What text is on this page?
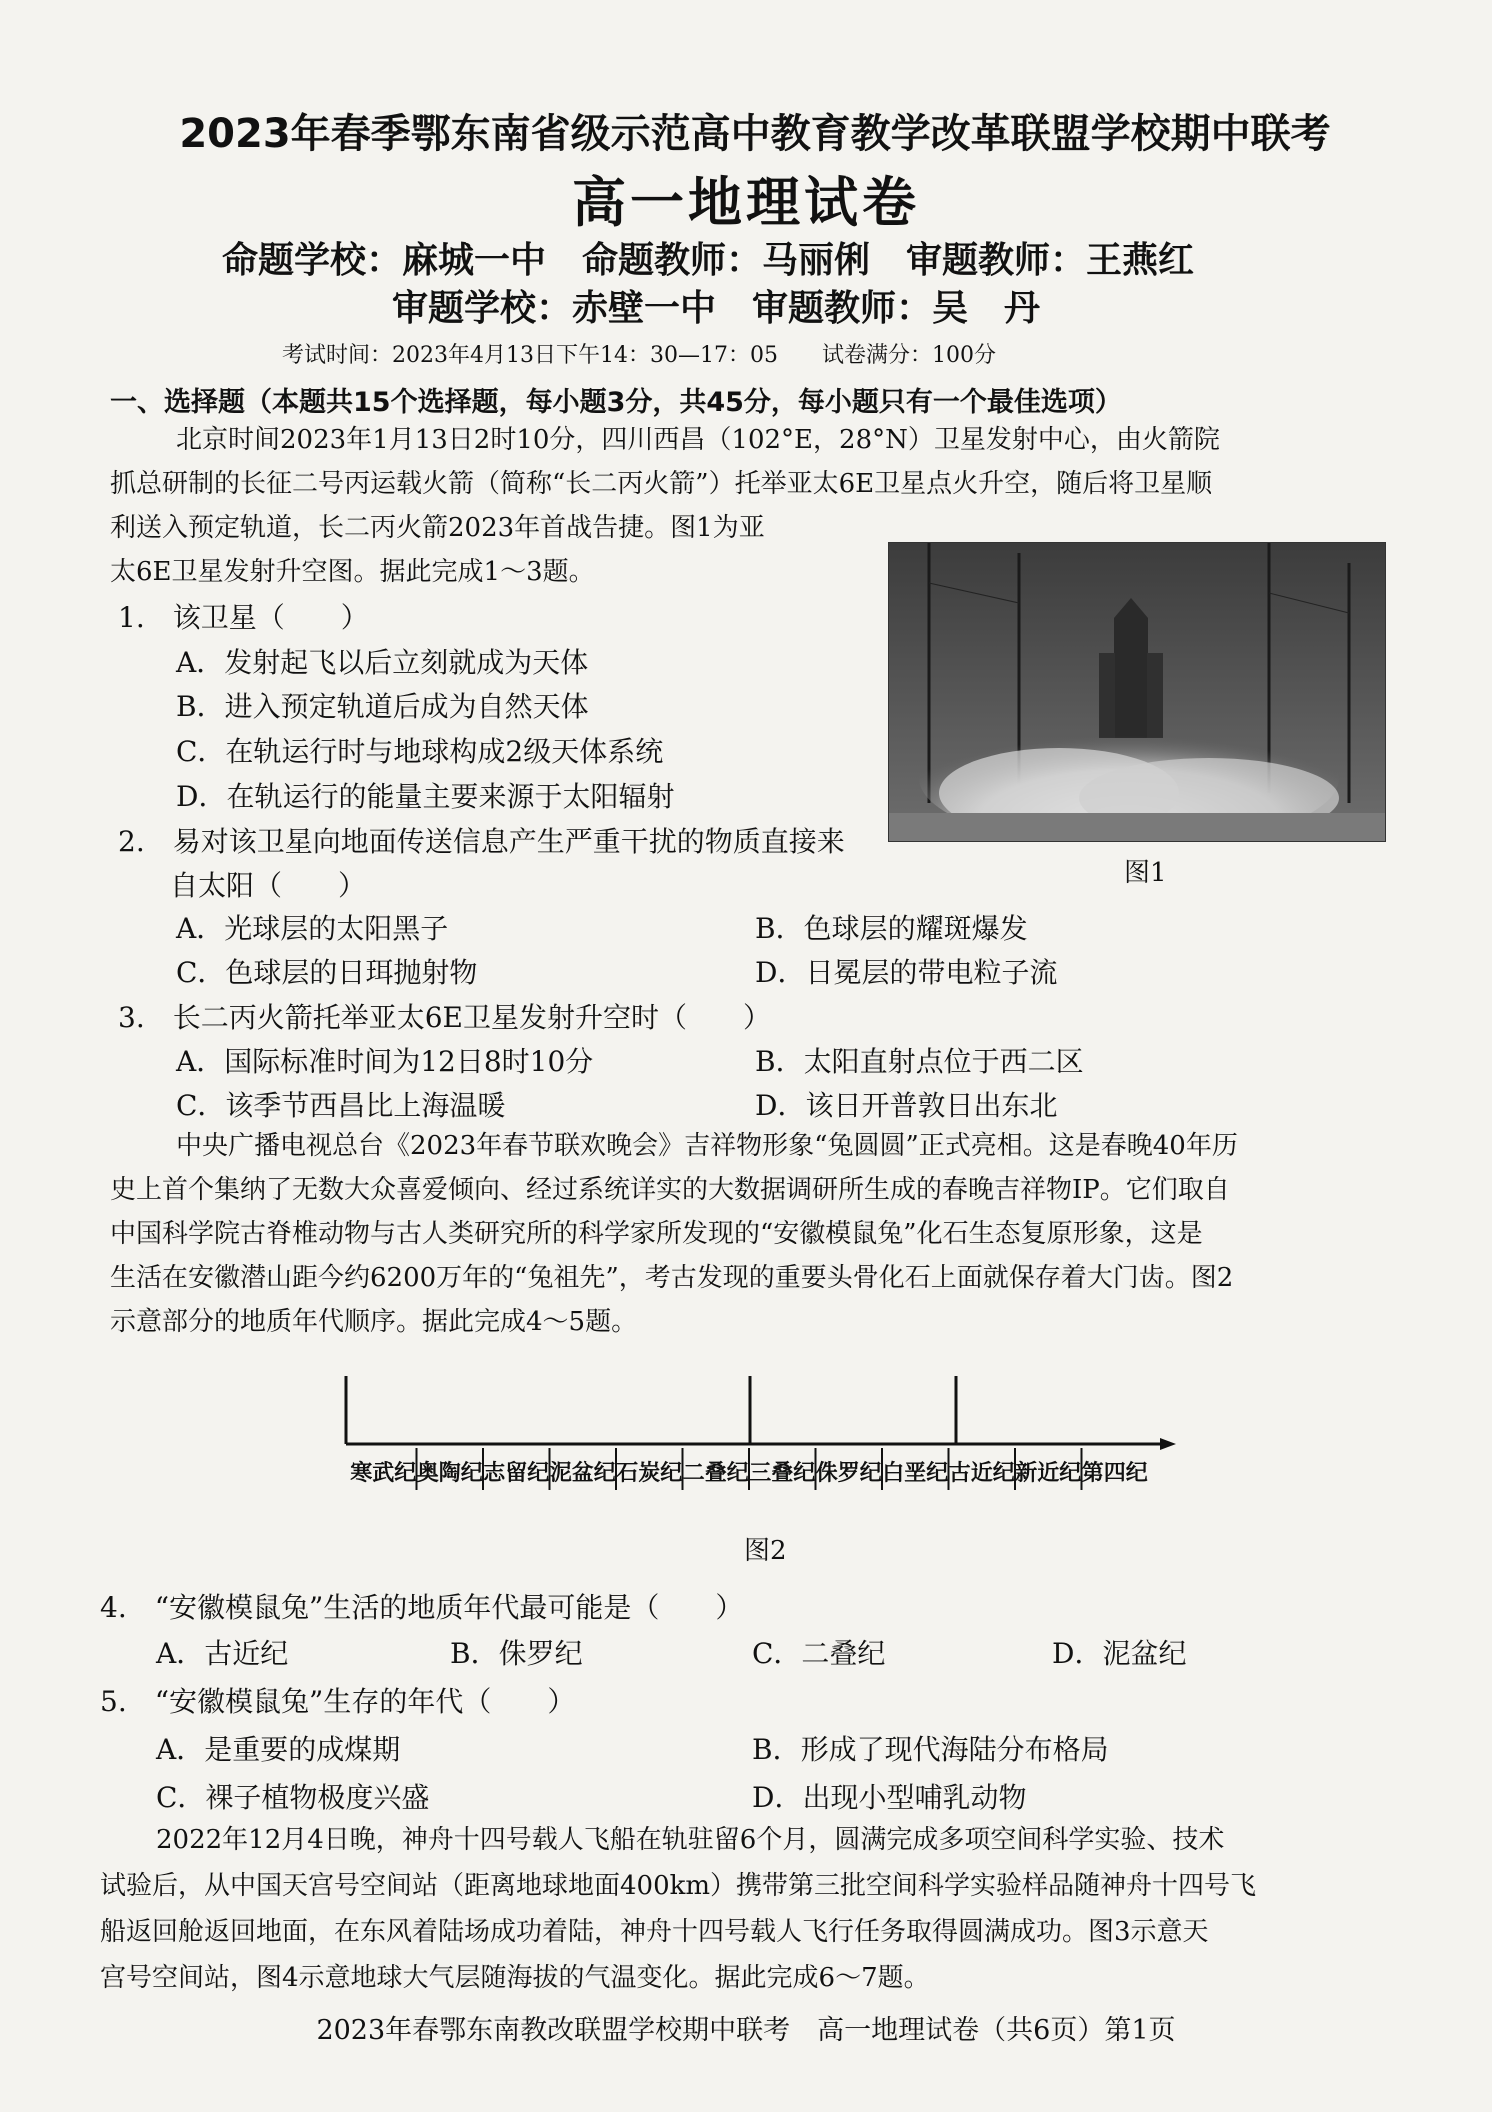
2023年春季鄂东南省级示范高中教育教学改革联盟学校期中联考
高一地理试卷
命题学校：麻城一中　命题教师：马丽俐　审题教师：王燕红
审题学校：赤壁一中　审题教师：吴　丹
考试时间：2023年4月13日下午14：30—17：05　　试卷满分：100分
一、选择题（本题共15个选择题，每小题3分，共45分，每小题只有一个最佳选项）
北京时间2023年1月13日2时10分，四川西昌（102°E，28°N）卫星发射中心，由火箭院
抓总研制的长征二号丙运载火箭（简称“长二丙火箭”）托举亚太6E卫星点火升空，随后将卫星顺
利送入预定轨道，长二丙火箭2023年首战告捷。图1为亚
太6E卫星发射升空图。据此完成1～3题。
图1
1.　该卫星（　　）
A．发射起飞以后立刻就成为天体
B．进入预定轨道后成为自然天体
C．在轨运行时与地球构成2级天体系统
D．在轨运行的能量主要来源于太阳辐射
2.　易对该卫星向地面传送信息产生严重干扰的物质直接来
自太阳（　　）
A．光球层的太阳黑子	B．色球层的耀斑爆发
C．色球层的日珥抛射物	D．日冕层的带电粒子流
3.　长二丙火箭托举亚太6E卫星发射升空时（　　）
A．国际标准时间为12日8时10分	B．太阳直射点位于西二区
C．该季节西昌比上海温暖	D．该日开普敦日出东北
中央广播电视总台《2023年春节联欢晚会》吉祥物形象“兔圆圆”正式亮相。这是春晚40年历
史上首个集纳了无数大众喜爱倾向、经过系统详实的大数据调研所生成的春晚吉祥物IP。它们取自
中国科学院古脊椎动物与古人类研究所的科学家所发现的“安徽模鼠兔”化石生态复原形象，这是
生活在安徽潜山距今约6200万年的“兔祖先”，考古发现的重要头骨化石上面就保存着大门齿。图2
示意部分的地质年代顺序。据此完成4～5题。
寒武纪 奥陶纪 志留纪 泥盆纪 石炭纪 二叠纪 三叠纪 侏罗纪 白垩纪 古近纪 新近纪 第四纪
图2
4.　“安徽模鼠兔”生活的地质年代最可能是（　　）
A．古近纪	B．侏罗纪	C．二叠纪	D．泥盆纪
5.　“安徽模鼠兔”生存的年代（　　）
A．是重要的成煤期	B．形成了现代海陆分布格局
C．裸子植物极度兴盛	D．出现小型哺乳动物
2022年12月4日晚，神舟十四号载人飞船在轨驻留6个月，圆满完成多项空间科学实验、技术
试验后，从中国天宫号空间站（距离地球地面400km）携带第三批空间科学实验样品随神舟十四号飞
船返回舱返回地面，在东风着陆场成功着陆，神舟十四号载人飞行任务取得圆满成功。图3示意天
宫号空间站，图4示意地球大气层随海拔的气温变化。据此完成6～7题。
2023年春鄂东南教改联盟学校期中联考　高一地理试卷（共6页）第1页
